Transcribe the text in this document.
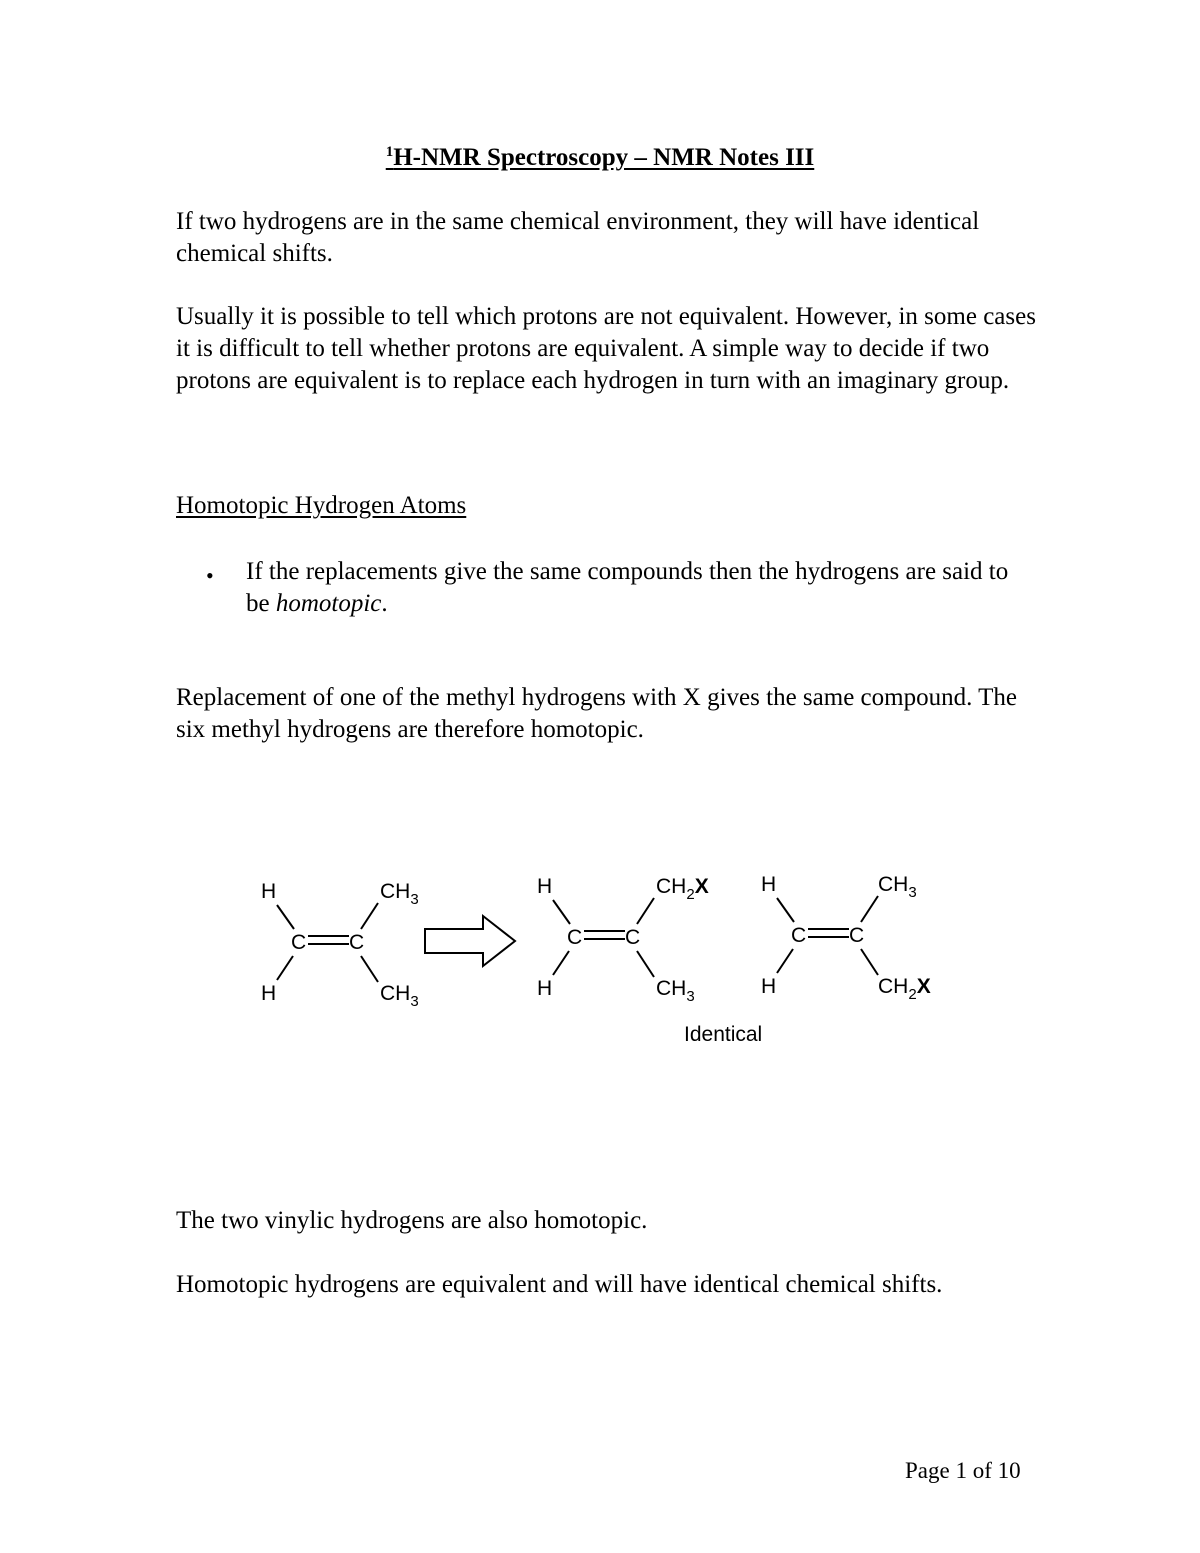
$^1$H-NMR Spectroscopy – NMR Notes III
If two hydrogens are in the same chemical environment, they will have identical chemical shifts.
Usually it is possible to tell which protons are not equivalent. However, in some cases it is difficult to tell whether protons are equivalent. A simple way to decide if two protons are equivalent is to replace each hydrogen in turn with an imaginary group.
Homotopic Hydrogen Atoms
• If the replacements give the same compounds then the hydrogens are said to be homotopic.
Replacement of one of the methyl hydrogens with X gives the same compound. The six methyl hydrogens are therefore homotopic.
H
H
C C
$CH_3$
$CH_3$
H
H
C C
$CH_2X$
$CH_3$
H
H
C C
$CH_3$
$CH_2X$
Identical
The two vinylic hydrogens are also homotopic.
Homotopic hydrogens are equivalent and will have identical chemical shifts.
Page 1 of 10
